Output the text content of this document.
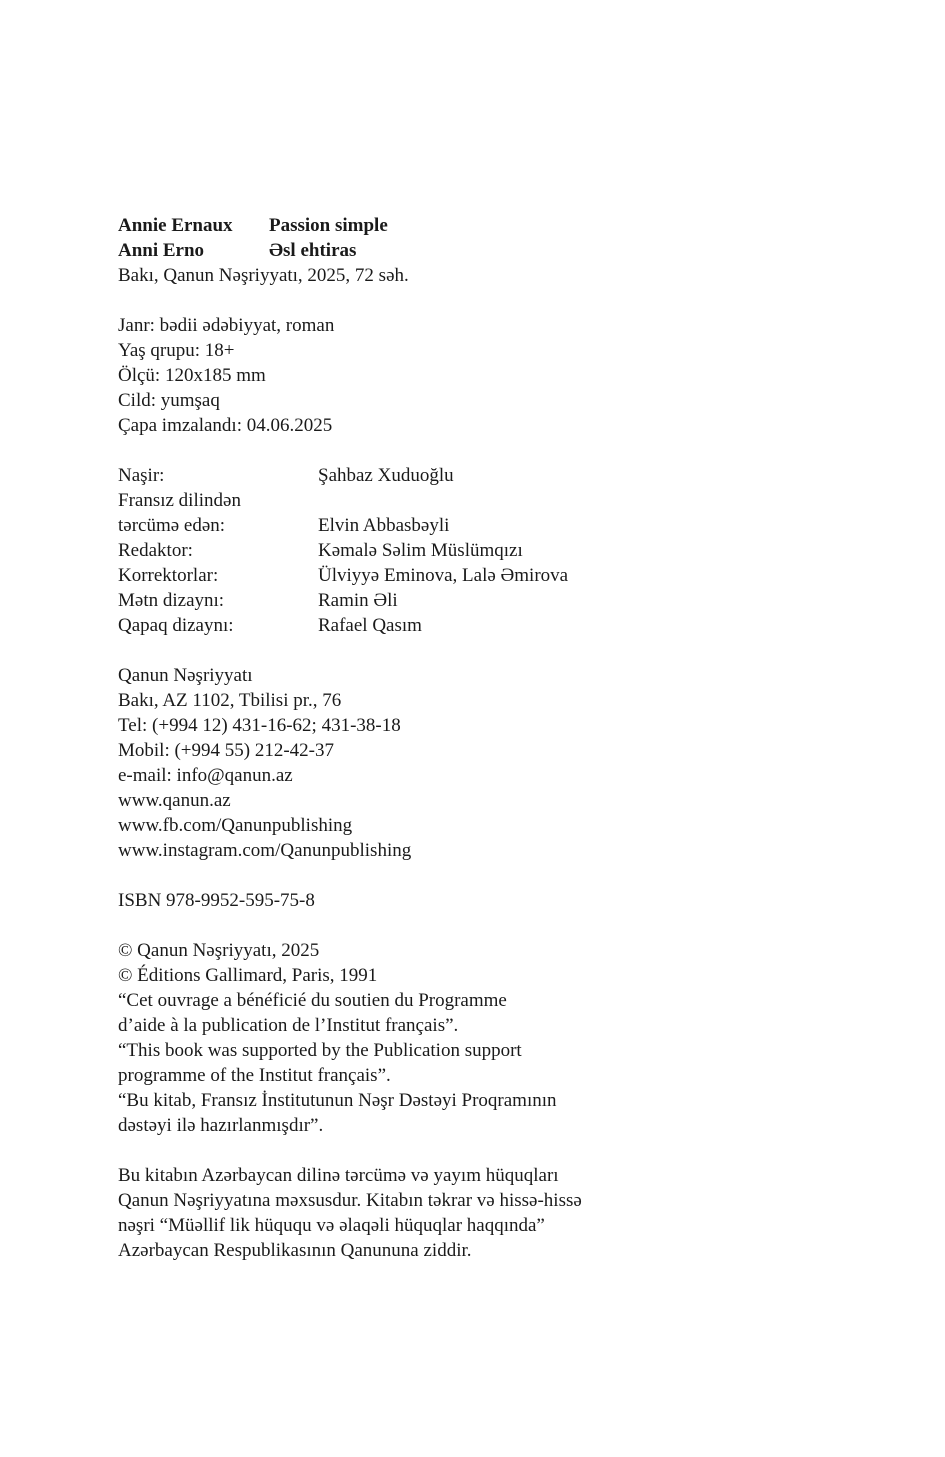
Annie Ernaux	Passion simple
Anni Erno	Əsl ehtiras
Bakı, Qanun Nəşriyyatı, 2025, 72 səh.
Janr: bədii ədəbiyyat, roman
Yaş qrupu: 18+
Ölçü: 120x185 mm
Cild: yumşaq
Çapa imzalandı: 04.06.2025
Naşir:	Şahbaz Xuduoğlu
Fransız dilindən
tərcümə edən:	Elvin Abbasbəyli
Redaktor:	Kəmalə Səlim Müslümqızı
Korrektorlar:	Ülviyyə Eminova, Lalə Əmirova
Mətn dizaynı:	Ramin Əli
Qapaq dizaynı:	Rafael Qasım
Qanun Nəşriyyatı
Bakı, AZ 1102, Tbilisi pr., 76
Tel: (+994 12) 431-16-62; 431-38-18
Mobil: (+994 55) 212-42-37
e-mail: info@qanun.az
www.qanun.az
www.fb.com/Qanunpublishing
www.instagram.com/Qanunpublishing
ISBN 978-9952-595-75-8
© Qanun Nəşriyyatı, 2025
© Éditions Gallimard, Paris, 1991
“Cet ouvrage a bénéficié du soutien du Programme
d’aide à la publication de l’Institut français”.
“This book was supported by the Publication support
programme of the Institut français”.
“Bu kitab, Fransız İnstitutunun Nəşr Dəstəyi Proqramının
dəstəyi ilə hazırlanmışdır”.
Bu kitabın Azərbaycan dilinə tərcümə və yayım hüquqları
Qanun Nəşriyyatına məxsusdur. Kitabın təkrar və hissə-hissə
nəşri “Müəllif lik hüququ və əlaqəli hüquqlar haqqında”
Azərbaycan Respublikasının Qanununa ziddir.
